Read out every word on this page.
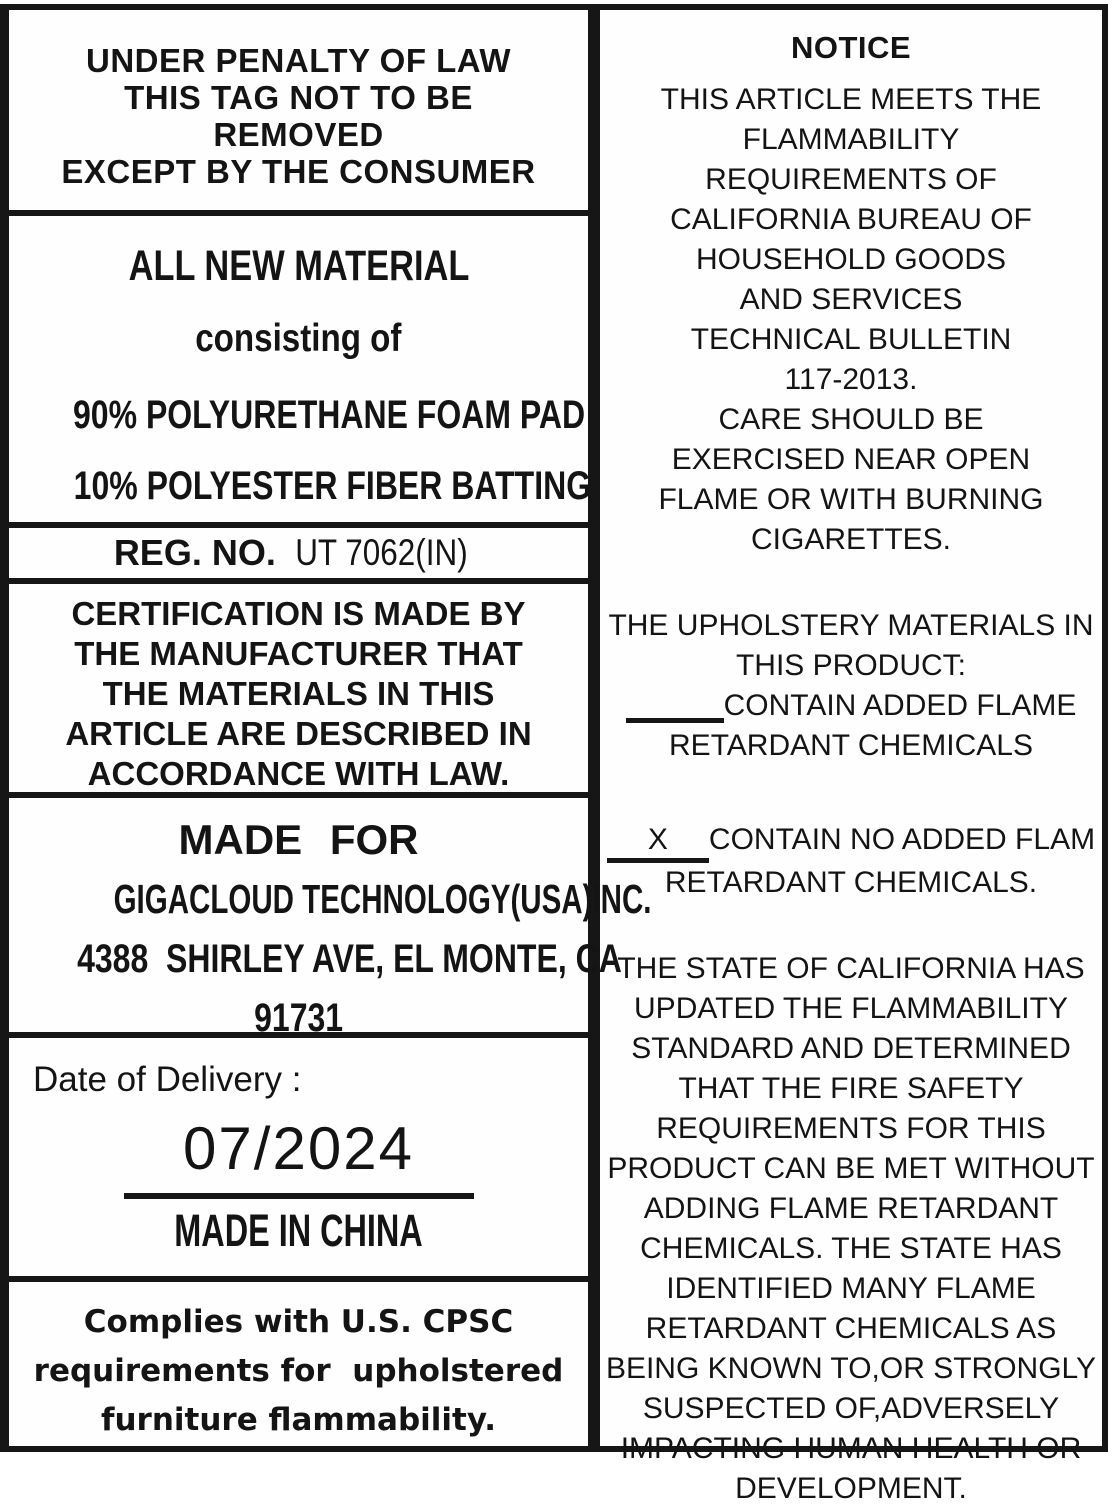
UNDER PENALTY OF LAW
THIS TAG NOT TO BE
REMOVED
EXCEPT BY THE CONSUMER
ALL NEW MATERIAL
consisting of
90% POLYURETHANE FOAM PAD
10% POLYESTER FIBER BATTING
REG. NO. UT 7062(IN)
CERTIFICATION IS MADE BY
THE MANUFACTURER THAT
THE MATERIALS IN THIS
ARTICLE ARE DESCRIBED IN
ACCORDANCE WITH LAW.
MADE FOR
GIGACLOUD TECHNOLOGY(USA)INC.
4388  SHIRLEY AVE, EL MONTE, CA
91731
Date of Delivery :
07/2024
MADE IN CHINA
Complies with U.S. CPSC
requirements for  upholstered
furniture flammability.
NOTICE
THIS ARTICLE MEETS THE
FLAMMABILITY
REQUIREMENTS OF
CALIFORNIA BUREAU OF
HOUSEHOLD GOODS
AND SERVICES
TECHNICAL BULLETIN
117-2013.
CARE SHOULD BE
EXERCISED NEAR OPEN
FLAME OR WITH BURNING
CIGARETTES.
THE UPHOLSTERY MATERIALS IN
THIS PRODUCT:
CONTAIN ADDED FLAME
RETARDANT CHEMICALS
X CONTAIN NO ADDED FLAM
RETARDANT CHEMICALS.
THE STATE OF CALIFORNIA HAS
UPDATED THE FLAMMABILITY
STANDARD AND DETERMINED
THAT THE FIRE SAFETY
REQUIREMENTS FOR THIS
PRODUCT CAN BE MET WITHOUT
ADDING FLAME RETARDANT
CHEMICALS. THE STATE HAS
IDENTIFIED MANY FLAME
RETARDANT CHEMICALS AS
BEING KNOWN TO,OR STRONGLY
SUSPECTED OF,ADVERSELY
IMPACTING HUMAN HEALTH OR
DEVELOPMENT.
